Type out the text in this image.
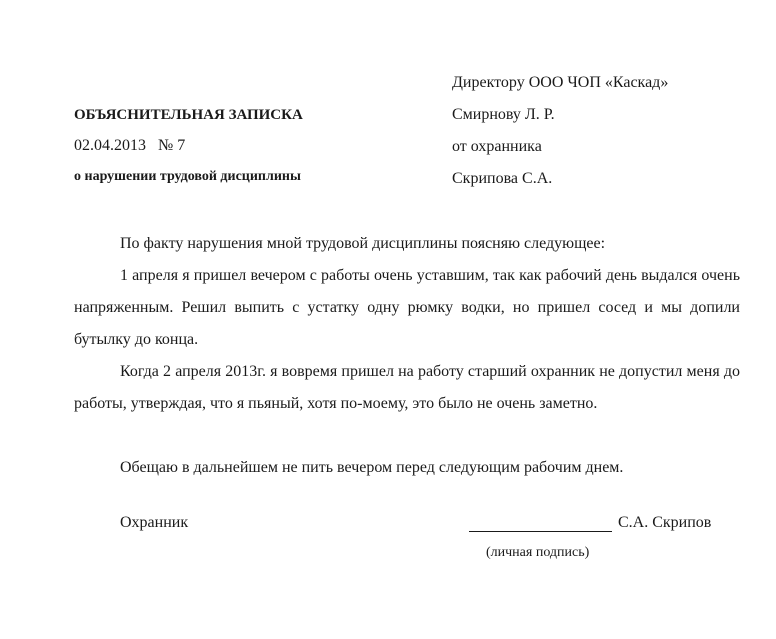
Директору ООО ЧОП «Каскад»
Смирнову Л. Р.
от охранника
Скрипова С.А.
ОБЪЯСНИТЕЛЬНАЯ ЗАПИСКА
02.04.2013   № 7
о нарушении трудовой дисциплины
По факту нарушения мной трудовой дисциплины поясняю следующее:
1 апреля я пришел вечером с работы очень уставшим, так как рабочий день выдался очень напряженным. Решил выпить с устатку одну рюмку водки, но пришел сосед и мы допили бутылку до конца.
Когда 2 апреля 2013г. я вовремя пришел на работу старший охранник не допустил меня до работы, утверждая, что я пьяный, хотя по-моему, это было не очень заметно.
Обещаю в дальнейшем не пить вечером перед следующим рабочим днем.
Охранник	С.А. Скрипов
(личная подпись)
